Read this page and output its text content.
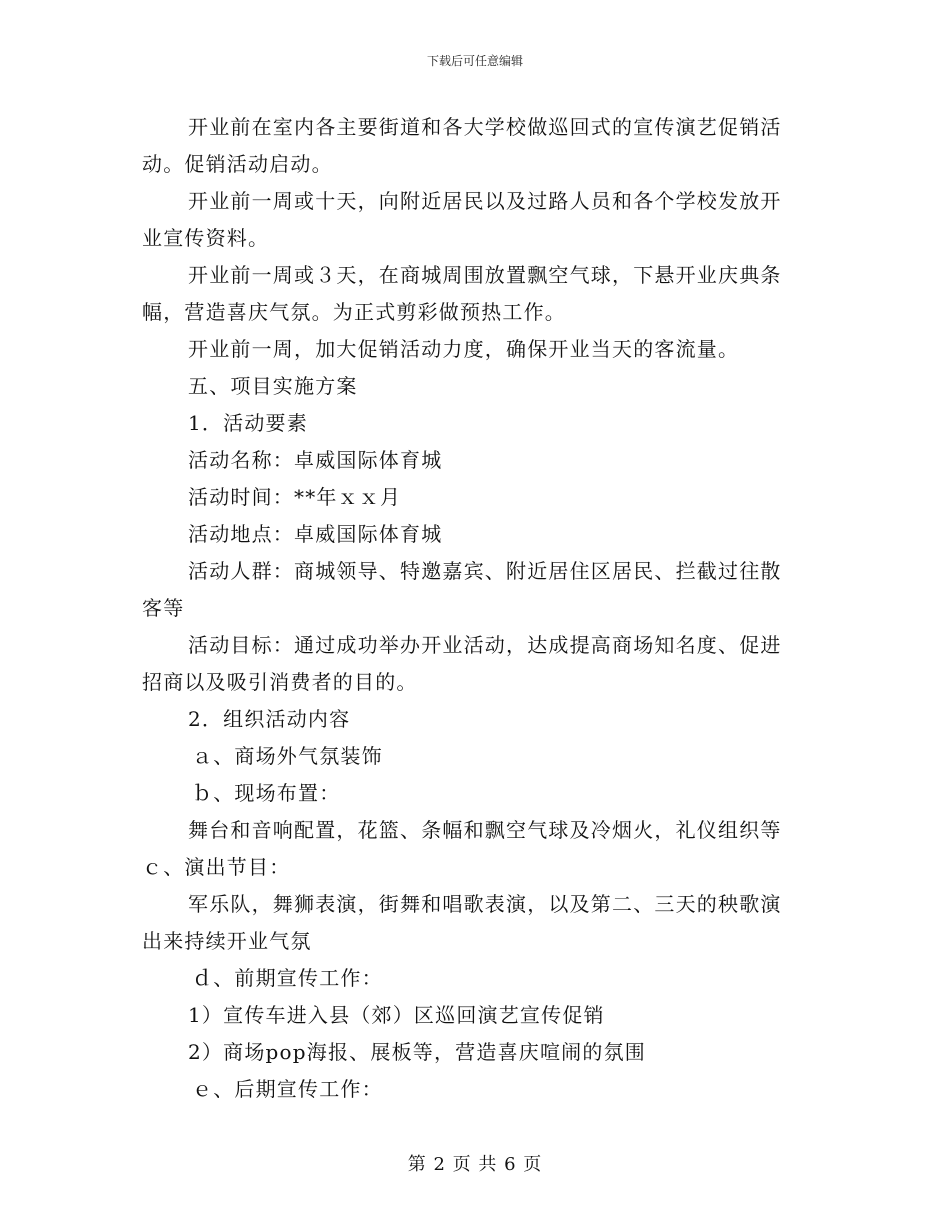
下载后可任意编辑

开业前在室内各主要街道和各大学校做巡回式的宣传演艺促销活

动。促销活动启动。

开业前一周或十天，向附近居民以及过路人员和各个学校发放开

业宣传资料。

开业前一周或３天，在商城周围放置飘空气球，下悬开业庆典条

幅，营造喜庆气氛。为正式剪彩做预热工作。

开业前一周，加大促销活动力度，确保开业当天的客流量。

五、项目实施方案

1．活动要素

活动名称：卓威国际体育城

活动时间：**年ｘｘ月

活动地点：卓威国际体育城

活动人群：商城领导、特邀嘉宾、附近居住区居民、拦截过往散

客等

活动目标：通过成功举办开业活动，达成提高商场知名度、促进

招商以及吸引消费者的目的。

2．组织活动内容

ａ、商场外气氛装饰

ｂ、现场布置：

舞台和音响配置，花篮、条幅和飘空气球及冷烟火，礼仪组织等

ｃ、演出节目：

军乐队，舞狮表演，街舞和唱歌表演，以及第二、三天的秧歌演

出来持续开业气氛

ｄ、前期宣传工作：

1）宣传车进入县（郊）区巡回演艺宣传促销

2）商场pop海报、展板等，营造喜庆喧闹的氛围

ｅ、后期宣传工作：

第 2 页 共 6 页
